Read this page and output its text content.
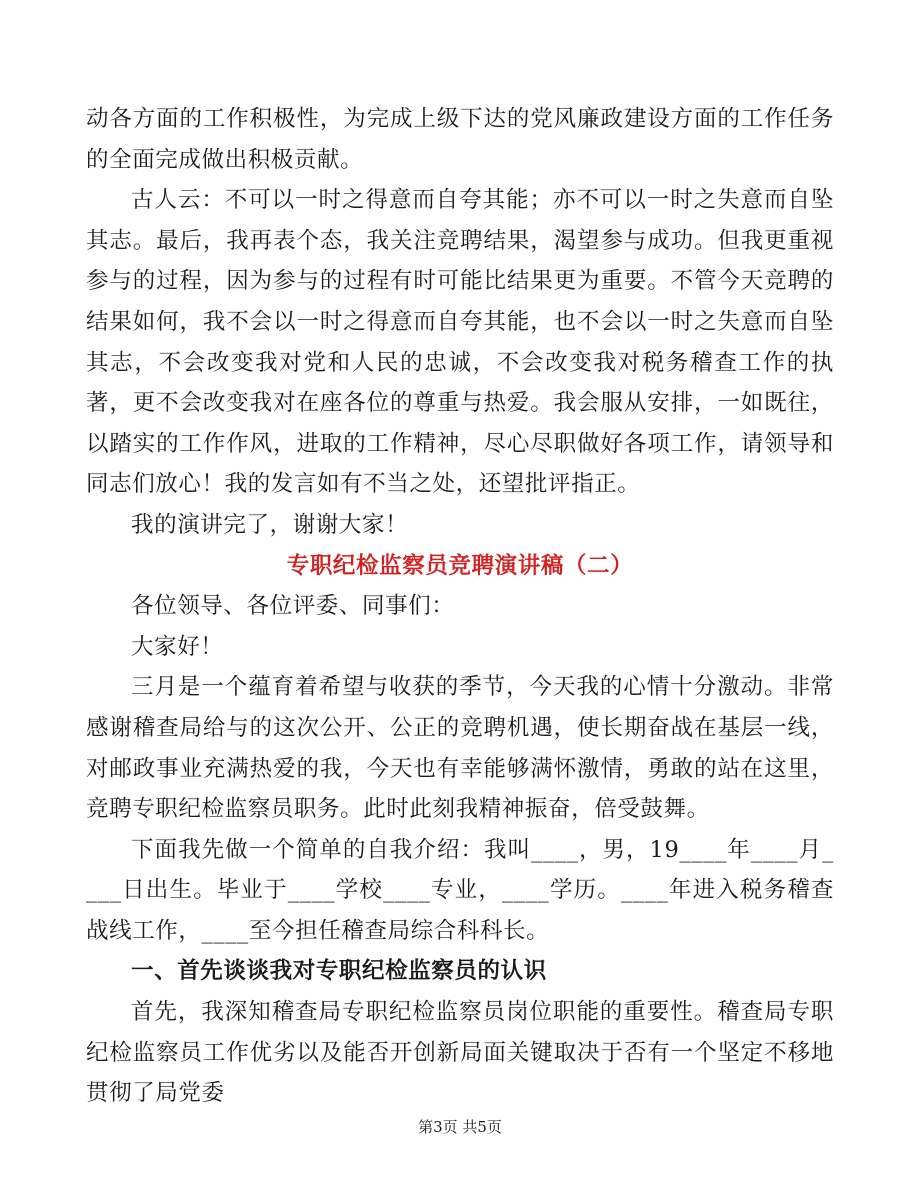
动各方面的工作积极性，为完成上级下达的党风廉政建设方面的工作任务的全面完成做出积极贡献。

古人云：不可以一时之得意而自夸其能；亦不可以一时之失意而自坠其志。最后，我再表个态，我关注竞聘结果，渴望参与成功。但我更重视参与的过程，因为参与的过程有时可能比结果更为重要。不管今天竞聘的结果如何，我不会以一时之得意而自夸其能，也不会以一时之失意而自坠其志，不会改变我对党和人民的忠诚，不会改变我对税务稽查工作的执著，更不会改变我对在座各位的尊重与热爱。我会服从安排，一如既往，以踏实的工作作风，进取的工作精神，尽心尽职做好各项工作，请领导和同志们放心！我的发言如有不当之处，还望批评指正。

我的演讲完了，谢谢大家！

专职纪检监察员竞聘演讲稿（二）

各位领导、各位评委、同事们：

大家好！

三月是一个蕴育着希望与收获的季节，今天我的心情十分激动。非常感谢稽查局给与的这次公开、公正的竞聘机遇，使长期奋战在基层一线，对邮政事业充满热爱的我，今天也有幸能够满怀激情，勇敢的站在这里，竞聘专职纪检监察员职务。此时此刻我精神振奋，倍受鼓舞。

下面我先做一个简单的自我介绍：我叫____，男，19____年____月____日出生。毕业于____学校____专业，____学历。____年进入税务稽查战线工作，____至今担任稽查局综合科科长。

一、首先谈谈我对专职纪检监察员的认识

首先，我深知稽查局专职纪检监察员岗位职能的重要性。稽查局专职纪检监察员工作优劣以及能否开创新局面关键取决于否有一个坚定不移地贯彻了局党委

第3页 共5页
